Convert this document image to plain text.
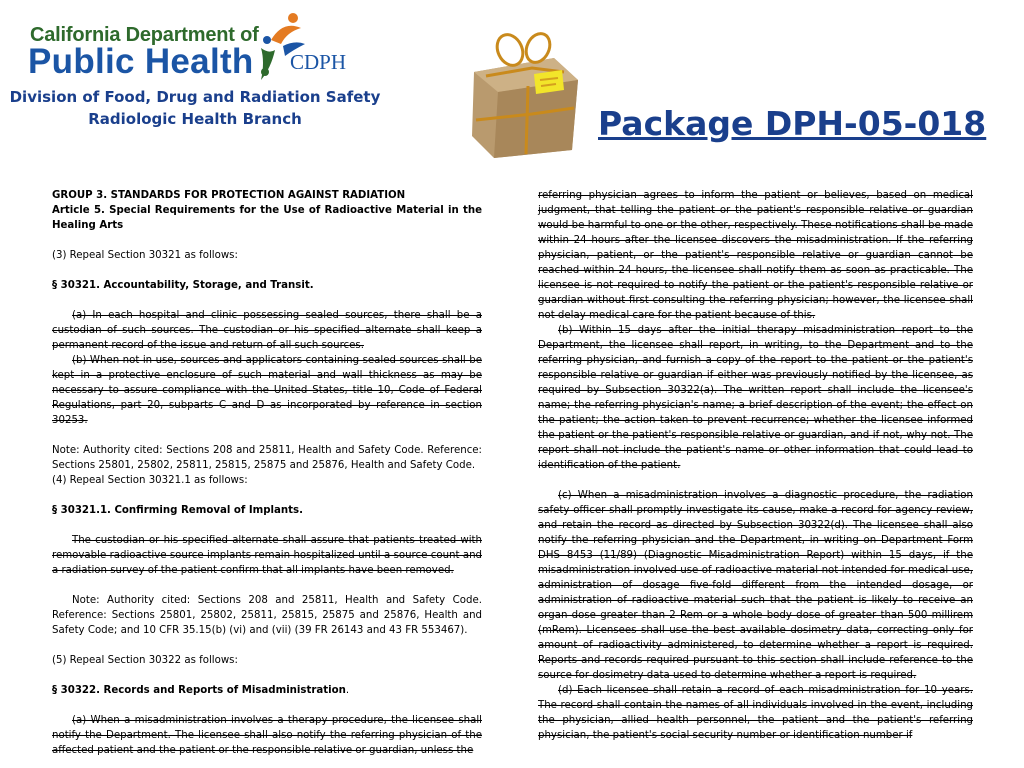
California Department of
Public Health CDPH
Division of Food, Drug and Radiation Safety
Radiologic Health Branch	Package DPH-05-018

GROUP 3. STANDARDS FOR PROTECTION AGAINST RADIATION

Article 5. Special Requirements for the Use of Radioactive Material in the Healing Arts

(3) Repeal Section 30321 as follows:

§ 30321. Accountability, Storage, and Transit.

(a) In each hospital and clinic possessing sealed sources, there shall be a custodian of such sources. The custodian or his specified alternate shall keep a permanent record of the issue and return of all such sources.

(b) When not in use, sources and applicators containing sealed sources shall be kept in a protective enclosure of such material and wall thickness as may be necessary to assure compliance with the United States, title 10, Code of Federal Regulations, part 20, subparts C and D as incorporated by reference in section 30253.

Note: Authority cited: Sections 208 and 25811, Health and Safety Code. Reference: Sections 25801, 25802, 25811, 25815, 25875 and 25876, Health and Safety Code.

(4) Repeal Section 30321.1 as follows:

§ 30321.1. Confirming Removal of Implants.

The custodian or his specified alternate shall assure that patients treated with removable radioactive source implants remain hospitalized until a source count and a radiation survey of the patient confirm that all implants have been removed.

Note: Authority cited: Sections 208 and 25811, Health and Safety Code. Reference: Sections 25801, 25802, 25811, 25815, 25875 and 25876, Health and Safety Code; and 10 CFR 35.15(b) (vi) and (vii) (39 FR 26143 and 43 FR 553467).

(5) Repeal Section 30322 as follows:

§ 30322. Records and Reports of Misadministration.

(a) When a misadministration involves a therapy procedure, the licensee shall notify the Department. The licensee shall also notify the referring physician of the affected patient and the patient or the responsible relative or guardian, unless the

referring physician agrees to inform the patient or believes, based on medical judgment, that telling the patient or the patient's responsible relative or guardian would be harmful to one or the other, respectively. These notifications shall be made within 24 hours after the licensee discovers the misadministration. If the referring physician, patient, or the patient's responsible relative or guardian cannot be reached within 24 hours, the licensee shall notify them as soon as practicable. The licensee is not required to notify the patient or the patient's responsible relative or guardian without first consulting the referring physician; however, the licensee shall not delay medical care for the patient because of this.

(b) Within 15 days after the initial therapy misadministration report to the Department, the licensee shall report, in writing, to the Department and to the referring physician, and furnish a copy of the report to the patient or the patient's responsible relative or guardian if either was previously notified by the licensee, as required by Subsection 30322(a). The written report shall include the licensee's name; the referring physician's name; a brief description of the event; the effect on the patient; the action taken to prevent recurrence; whether the licensee informed the patient or the patient's responsible relative or guardian, and if not, why not. The report shall not include the patient's name or other information that could lead to identification of the patient.

(c) When a misadministration involves a diagnostic procedure, the radiation safety officer shall promptly investigate its cause, make a record for agency review, and retain the record as directed by Subsection 30322(d). The licensee shall also notify the referring physician and the Department, in writing on Department Form DHS 8453 (11/89) (Diagnostic Misadministration Report) within 15 days, if the misadministration involved use of radioactive material not intended for medical use, administration of dosage five-fold different from the intended dosage, or administration of radioactive material such that the patient is likely to receive an organ dose greater than 2 Rem or a whole body dose of greater than 500 millirem (mRem). Licensees shall use the best available dosimetry data, correcting only for amount of radioactivity administered, to determine whether a report is required. Reports and records required pursuant to this section shall include reference to the source for dosimetry data used to determine whether a report is required.

(d) Each licensee shall retain a record of each misadministration for 10 years. The record shall contain the names of all individuals involved in the event, including the physician, allied health personnel, the patient and the patient's referring physician, the patient's social security number or identification number if
